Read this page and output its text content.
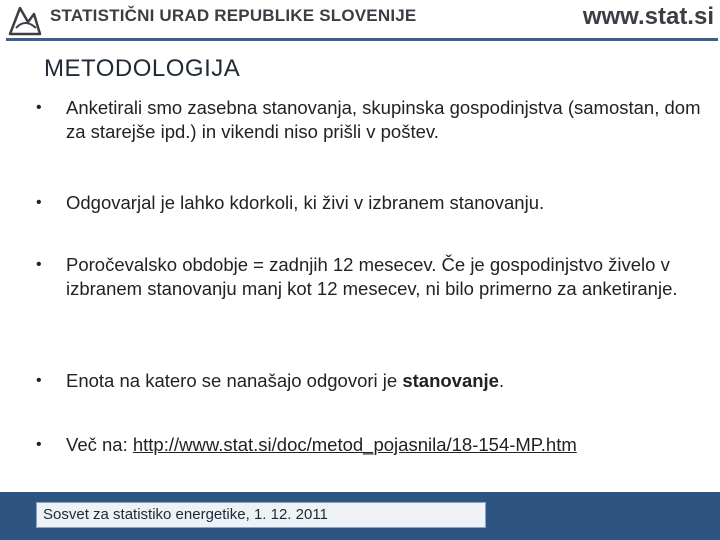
STATISTIČNI URAD REPUBLIKE SLOVENIJE	www.stat.si
METODOLOGIJA
• Anketirali smo zasebna stanovanja, skupinska gospodinjstva (samostan, dom za starejše ipd.) in vikendi niso prišli v poštev.
• Odgovarjal je lahko kdorkoli, ki živi v izbranem stanovanju.
• Poročevalsko obdobje = zadnjih 12 mesecev. Če je gospodinjstvo živelo v izbranem stanovanju manj kot 12 mesecev, ni bilo primerno za anketiranje.
• Enota na katero se nanašajo odgovori je stanovanje.
• Več na: http://www.stat.si/doc/metod_pojasnila/18-154-MP.htm
Sosvet za statistiko energetike, 1. 12. 2011
